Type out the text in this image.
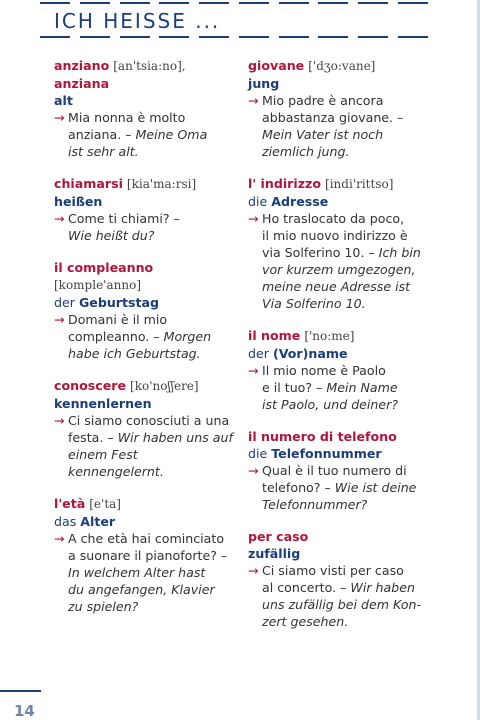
ICH HEISSE ...
anziano [an'tsia:no],
anziana
alt
→ Mia nonna è molto
anziana. – Meine Oma
ist sehr alt.
chiamarsi [kia'ma:rsi]
heißen
→ Come ti chiami? –
Wie heißt du?
il compleanno [komple'anno]
der Geburtstag
→ Domani è il mio
compleanno. – Morgen
habe ich Geburtstag.
conoscere [ko'noʃʃere]
kennenlernen
→ Ci siamo conosciuti a una
festa. – Wir haben uns auf
einem Fest kennengelernt.
l'età [e'ta]
das Alter
→ A che età hai cominciato
a suonare il pianoforte? –
In welchem Alter hast
du angefangen, Klavier
zu spielen?
giovane ['dʒo:vane]
jung
→ Mio padre è ancora
abbastanza giovane. –
Mein Vater ist noch
ziemlich jung.
l' indirizzo [indi'rittso]
die Adresse
→ Ho traslocato da poco,
il mio nuovo indirizzo è
via Solferino 10. – Ich bin
vor kurzem umgezogen,
meine neue Adresse ist
Via Solferino 10.
il nome ['no:me]
der (Vor)name
→ Il mio nome è Paolo
e il tuo? – Mein Name
ist Paolo, und deiner?
il numero di telefono
die Telefonnummer
→ Qual è il tuo numero di
telefono? – Wie ist deine
Telefonnummer?
per caso
zufällig
→ Ci siamo visti per caso
al concerto. – Wir haben
uns zufällig bei dem Kon-
zert gesehen.
14
